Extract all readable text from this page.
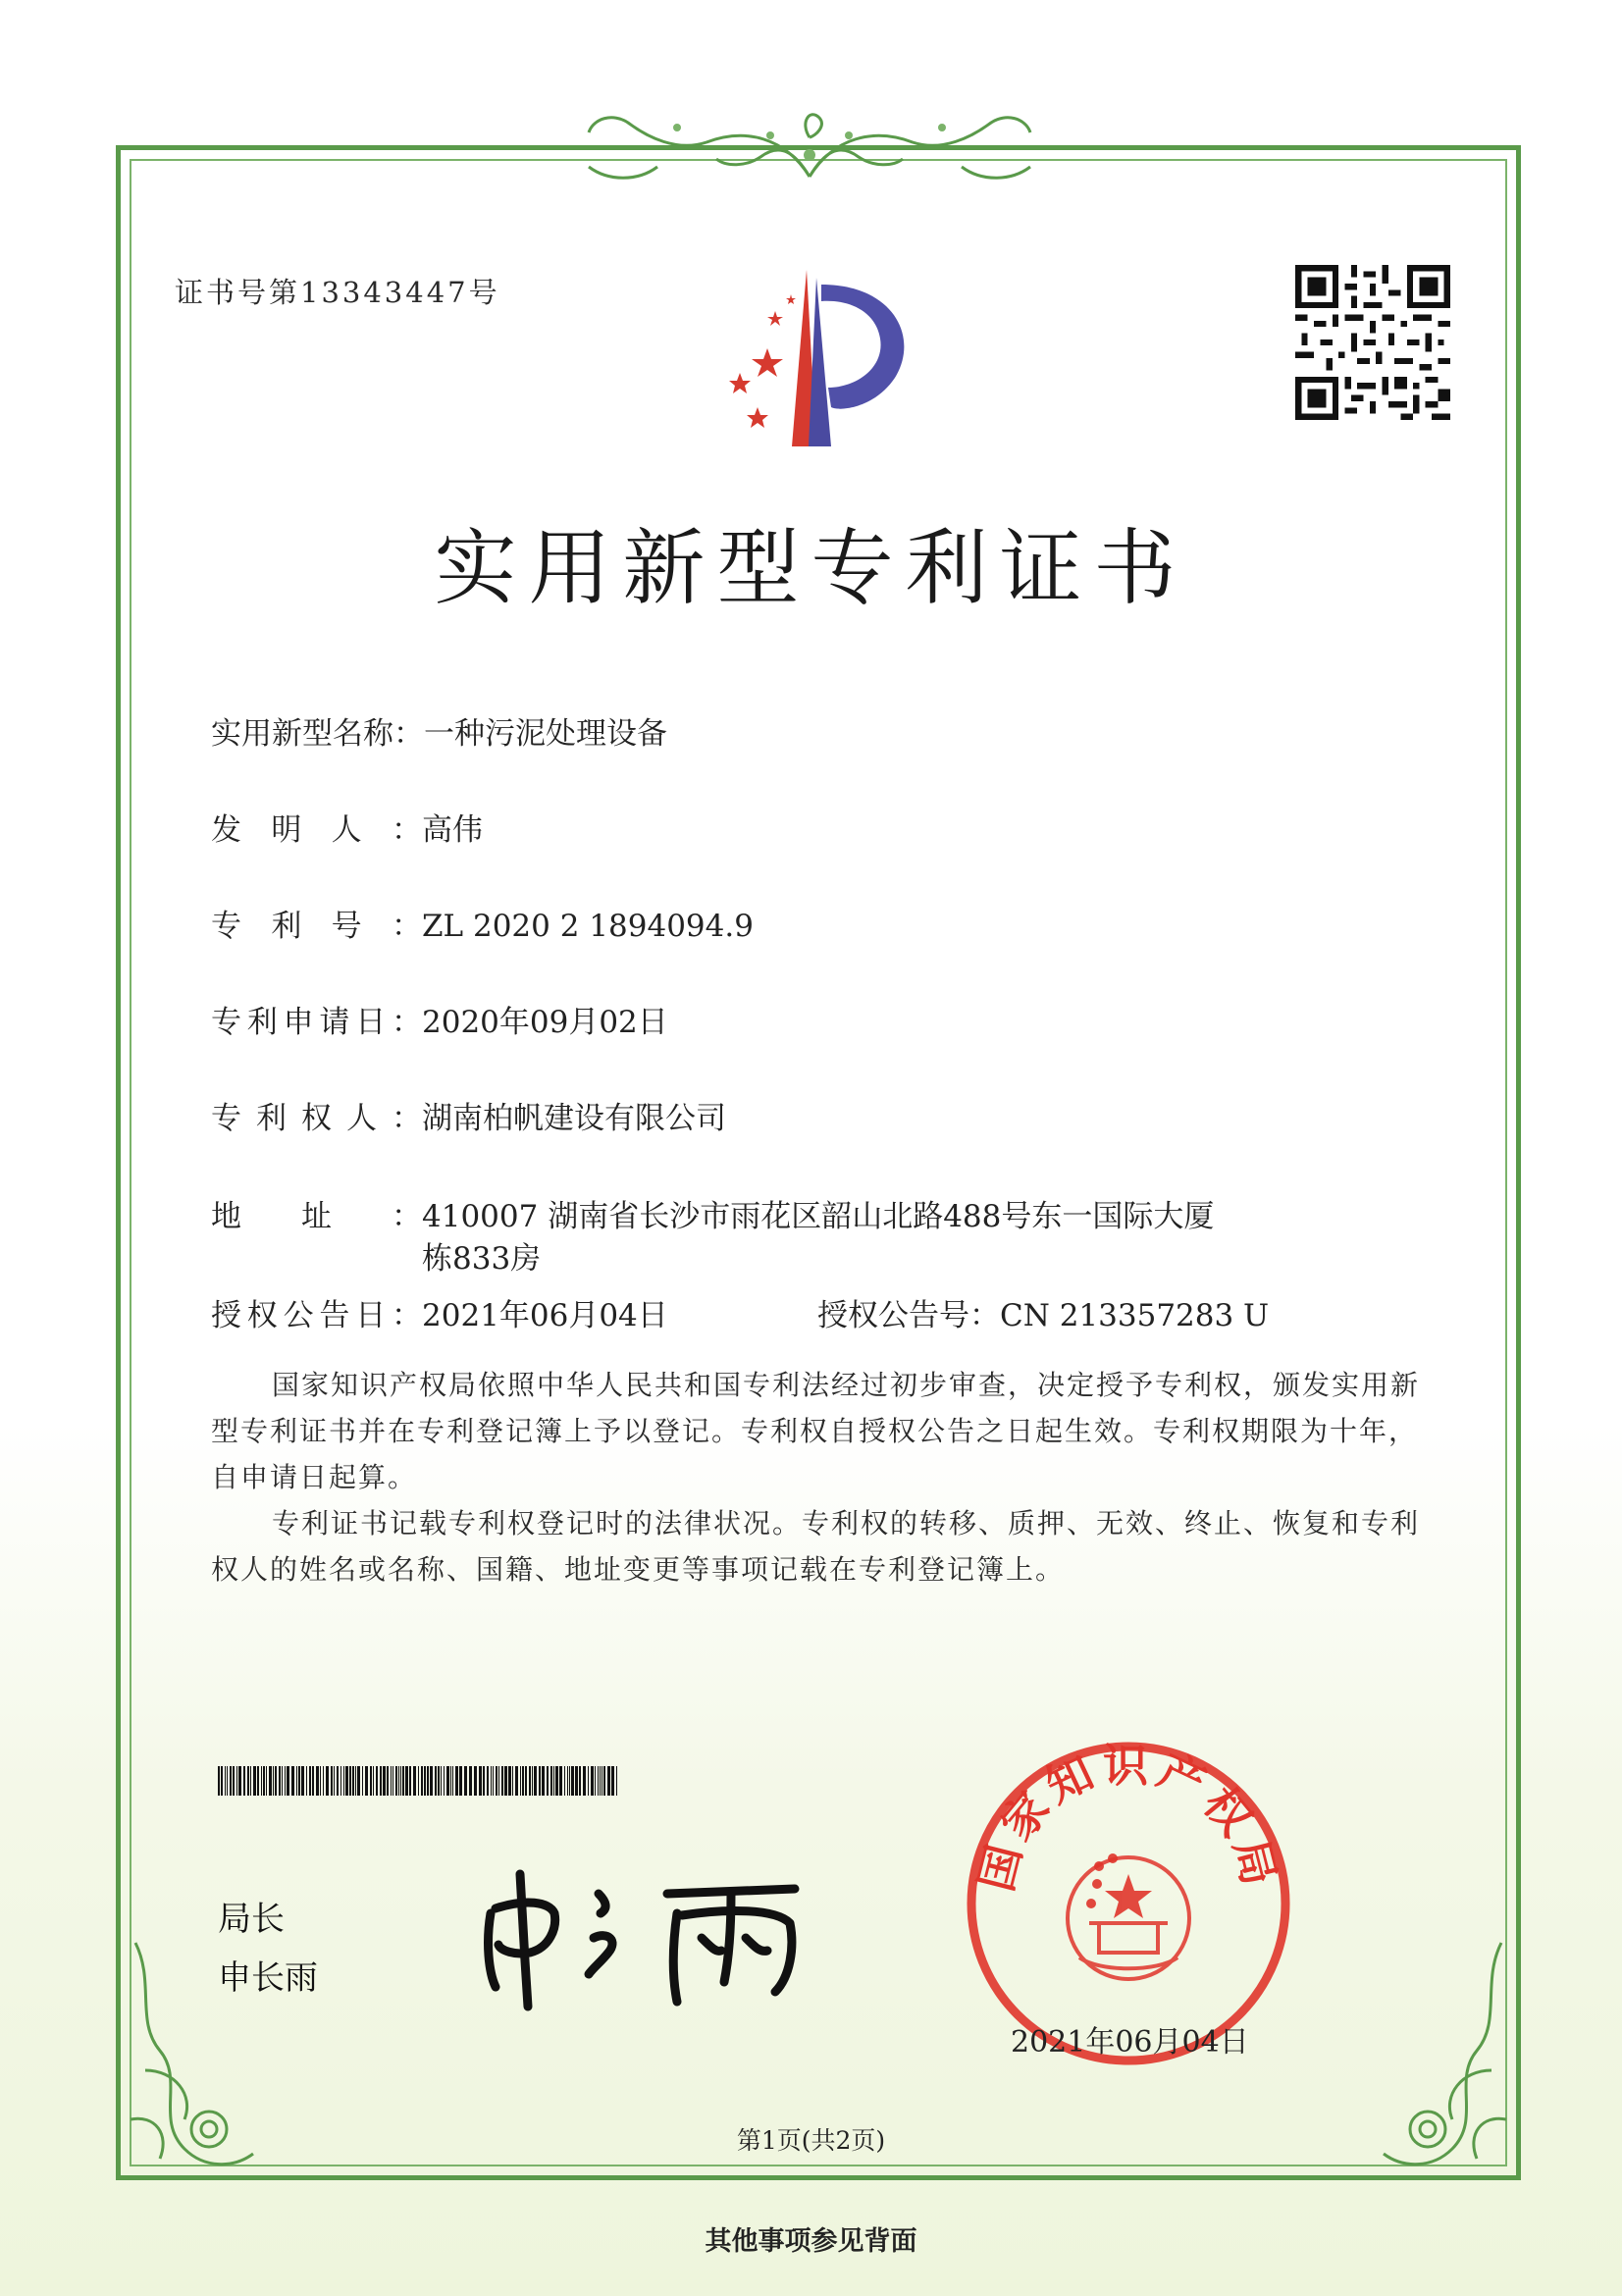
证书号第13343447号
实用新型专利证书
实用新型名称：一种污泥处理设备
发明人：高伟
专利号：ZL 2020 2 1894094.9
专利申请日：2020年09月02日
专利权人：湖南柏帆建设有限公司
地址：410007 湖南省长沙市雨花区韶山北路488号东一国际大厦
栋833房
授权公告日：2021年06月04日	授权公告号：CN 213357283 U

国家知识产权局依照中华人民共和国专利法经过初步审查，决定授予专利权，颁发实用新型专利证书并在专利登记簿上予以登记。专利权自授权公告之日起生效。专利权期限为十年，自申请日起算。

专利证书记载专利权登记时的法律状况。专利权的转移、质押、无效、终止、恢复和专利权人的姓名或名称、国籍、地址变更等事项记载在专利登记簿上。

局长
申长雨
国家知识产权局
2021年06月04日
第1页(共2页)
其他事项参见背面
